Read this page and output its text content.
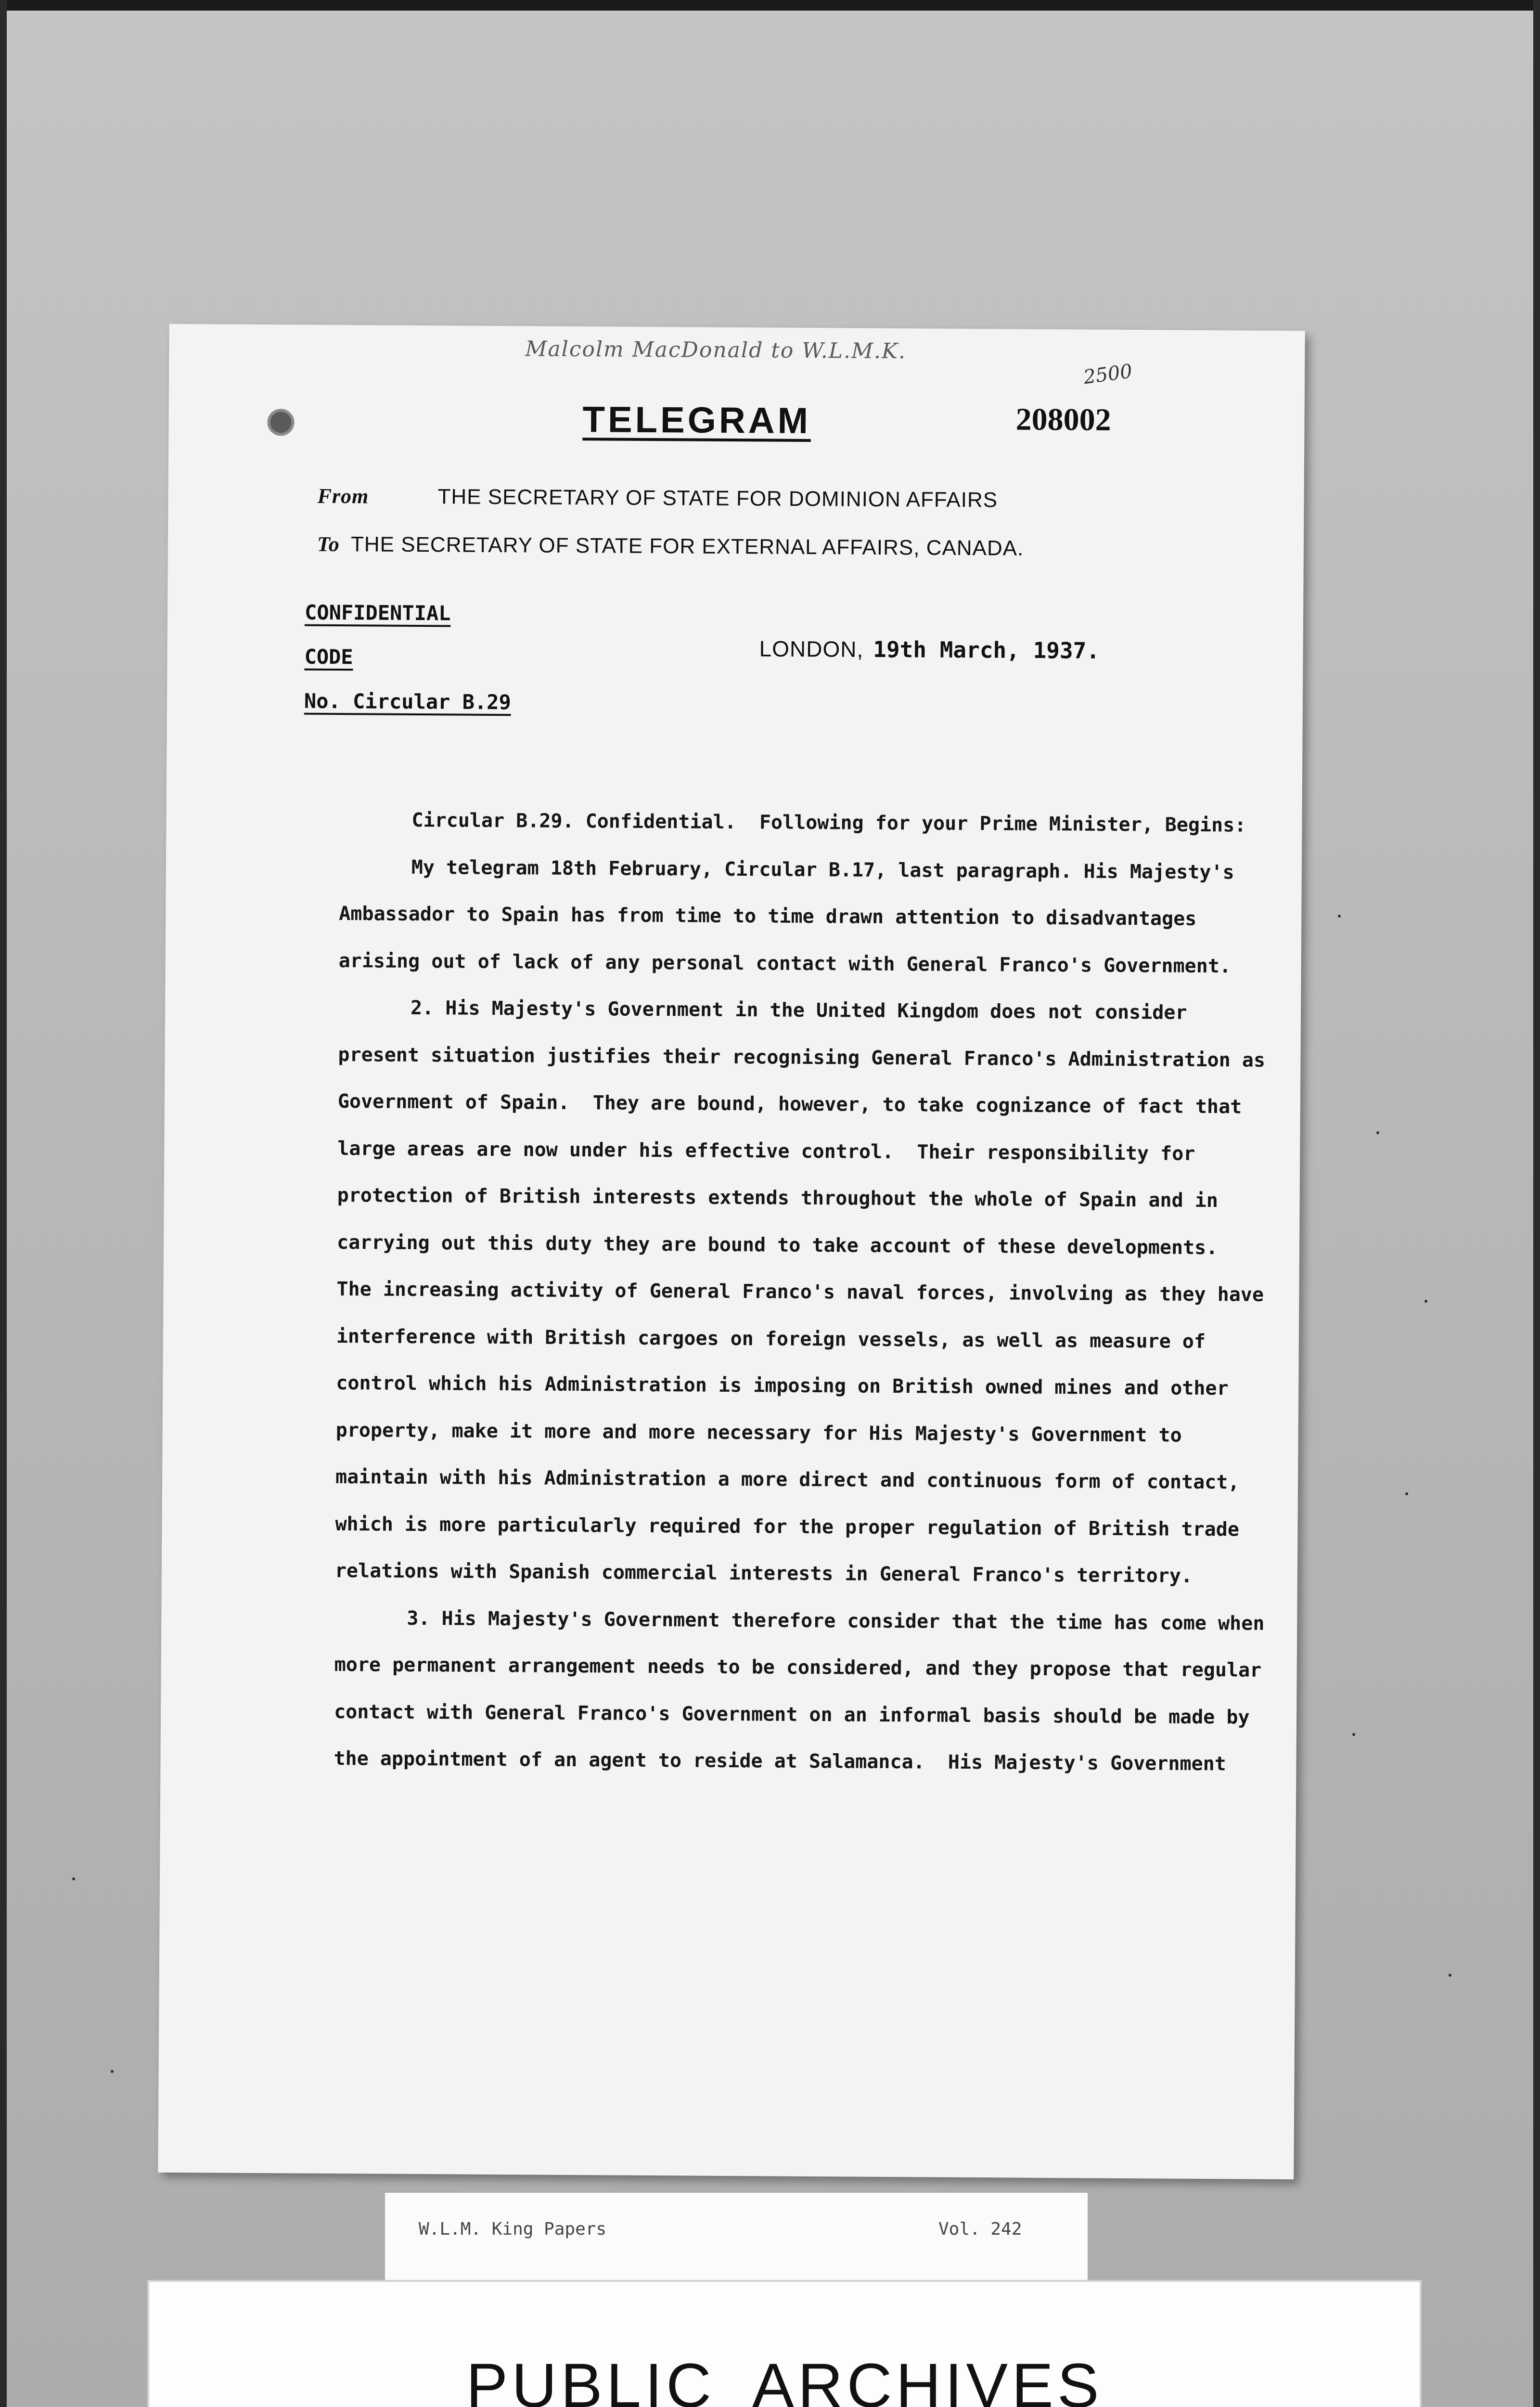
Malcolm MacDonald to W.L.M.K.
TELEGRAM	208002
2500
From	THE SECRETARY OF STATE FOR DOMINION AFFAIRS
To THE SECRETARY OF STATE FOR EXTERNAL AFFAIRS, CANADA.
CONFIDENTIAL
CODE
No. Circular B.29
LONDON, 19th March, 1937.

Circular B.29. Confidential.  Following for your Prime Minister, Begins:

My telegram 18th February, Circular B.17, last paragraph. His Majesty's Ambassador to Spain has from time to time drawn attention to disadvantages arising out of lack of any personal contact with General Franco's Government.

2. His Majesty's Government in the United Kingdom does not consider present situation justifies their recognising General Franco's Administration as Government of Spain.  They are bound, however, to take cognizance of fact that large areas are now under his effective control.  Their responsibility for protection of British interests extends throughout the whole of Spain and in carrying out this duty they are bound to take account of these developments.  The increasing activity of General Franco's naval forces, involving as they have interference with British cargoes on foreign vessels, as well as measure of control which his Administration is imposing on British owned mines and other property, make it more and more necessary for His Majesty's Government to maintain with his Administration a more direct and continuous form of contact, which is more particularly required for the proper regulation of British trade relations with Spanish commercial interests in General Franco's territory.

3. His Majesty's Government therefore consider that the time has come when more permanent arrangement needs to be considered, and they propose that regular contact with General Franco's Government on an informal basis should be made by the appointment of an agent to reside at Salamanca.  His Majesty's Government

W.L.M. King Papers	Vol. 242
PUBLIC ARCHIVES
